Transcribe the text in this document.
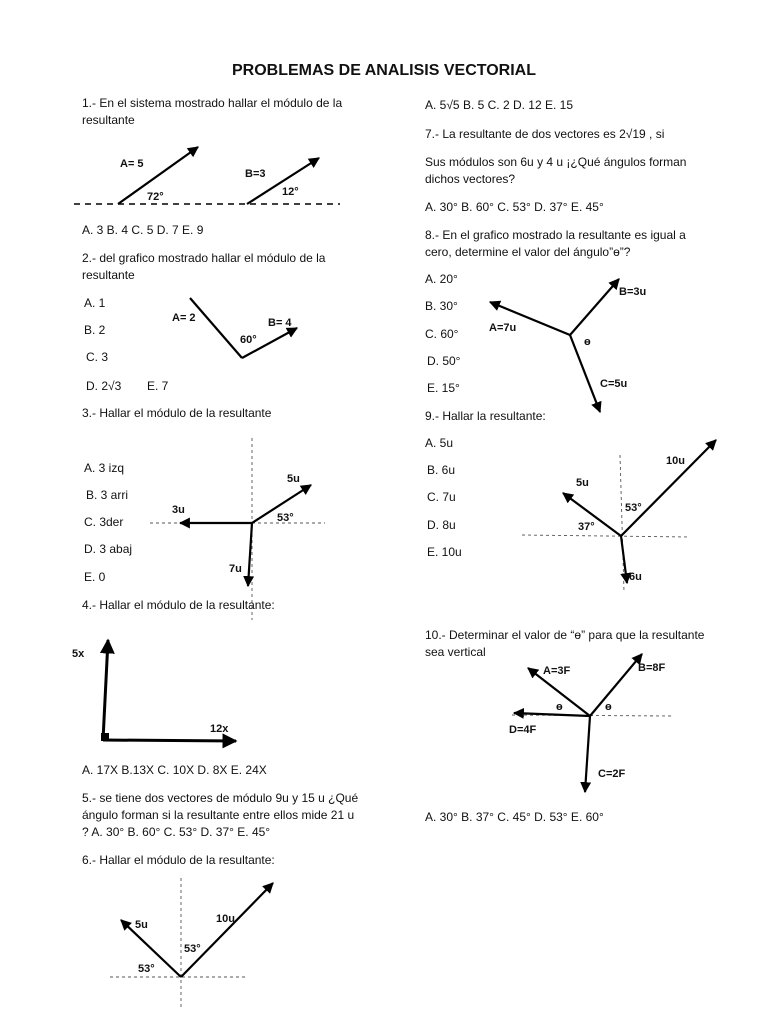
PROBLEMAS DE ANALISIS VECTORIAL
1.- En el sistema mostrado hallar el módulo de la resultante
A= 5
B=3
72°	12°
A. 3 B. 4 C. 5 D. 7 E. 9
2.- del grafico mostrado hallar el módulo de la resultante
A. 1
B. 2
C. 3
D. 2√3 E. 7
A= 2	B= 4
60°
3.- Hallar el módulo de la resultante
A. 3 izq
B. 3 arri
C. 3der
D. 3 abaj
E. 0
5u
3u
7u
53°
4.- Hallar el módulo de la resultante:
5x
12x
A. 17X B.13X C. 10X D. 8X E. 24X
5.- se tiene dos vectores de módulo 9u y 15 u ¿Qué
ángulo forman si la resultante entre ellos mide 21 u
? A. 30° B. 60° C. 53° D. 37° E. 45°
6.- Hallar el módulo de la resultante:
5u	10u
53°
53°
A. 5√5 B. 5 C. 2 D. 12 E. 15
7.- La resultante de dos vectores es 2√19 , si
Sus módulos son 6u y 4 u ¡¿Qué ángulos forman dichos vectores?
A. 30° B. 60° C. 53° D. 37° E. 45°
8.- En el grafico mostrado la resultante es igual a cero, determine el valor del ángulo”ɵ”?
A. 20°
B. 30°
C. 60°
D. 50°
E. 15°
A=7u
B=3u
C=5u
ɵ
9.- Hallar la resultante:
A. 5u
B. 6u
C. 7u
D. 8u
E. 10u
10u
5u
6u
53°
37°
10.- Determinar el valor de “ɵ” para que la resultante sea vertical
A=3F	B=8F
D=4F
C=2F
ɵ	ɵ
A. 30° B. 37° C. 45° D. 53° E. 60°
